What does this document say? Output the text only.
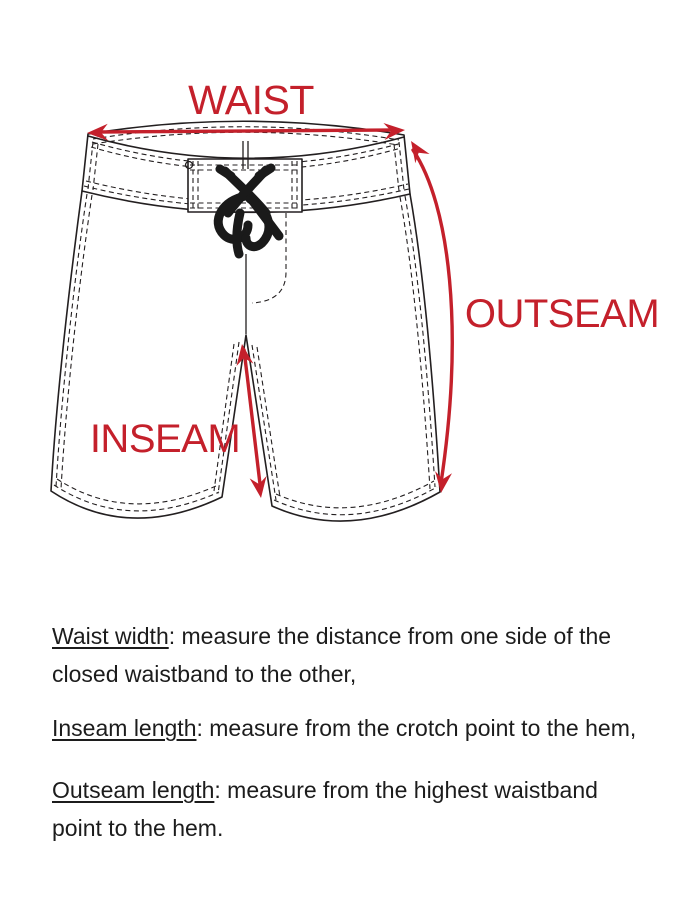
WAIST
OUTSEAM
INSEAM

Waist width: measure the distance from one side of the
closed waistband to the other,

Inseam length: measure from the crotch point to the hem,

Outseam length: measure from the highest waistband
point to the hem.
